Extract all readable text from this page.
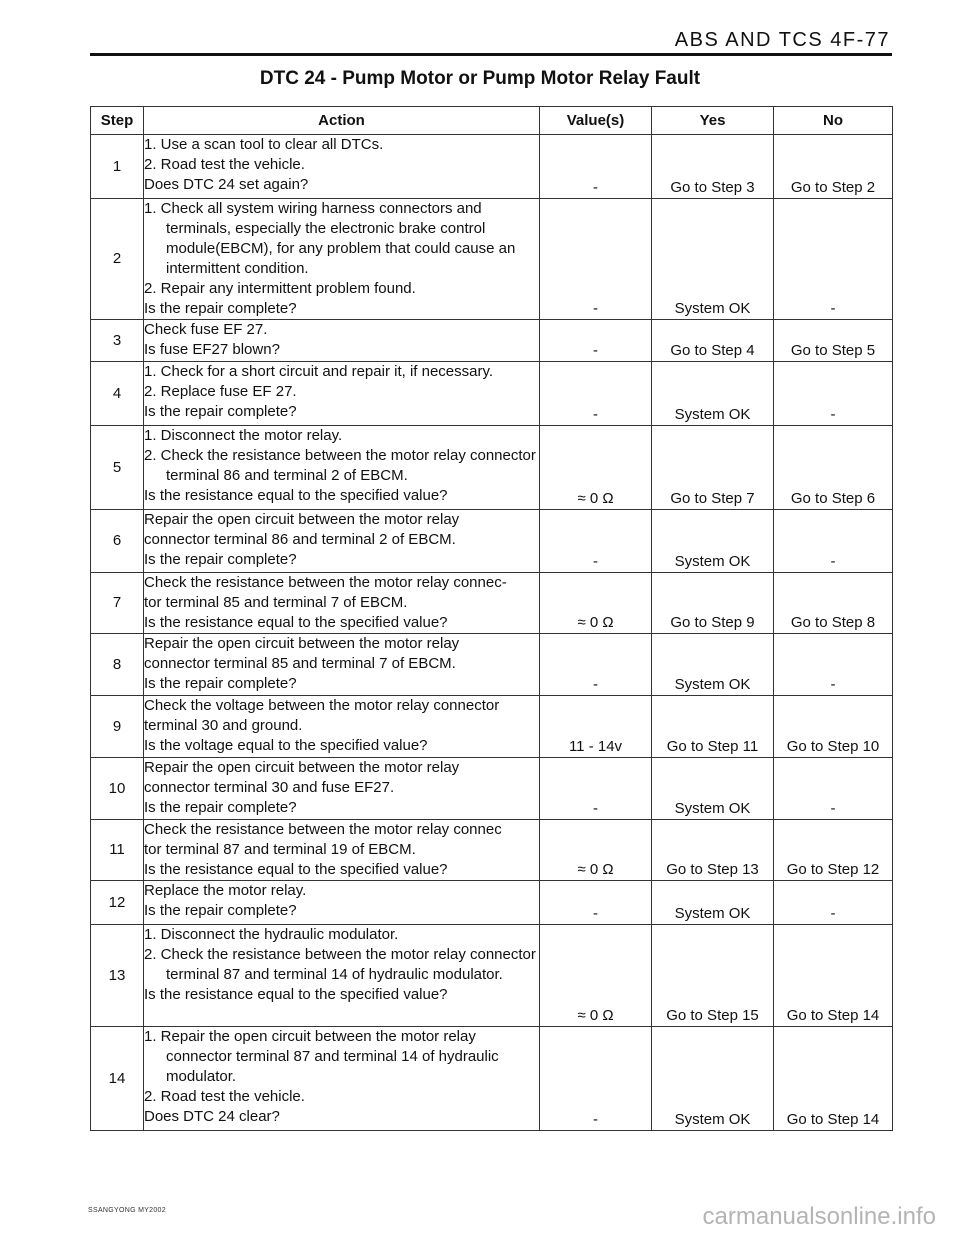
ABS AND TCS 4F-77
DTC 24 - Pump Motor or Pump Motor Relay Fault
Step	Action	Value(s)	Yes	No
1	1. Use a scan tool to clear all DTCs.
2. Road test the vehicle.
Does DTC 24 set again?	-	Go to Step 3	Go to Step 2
2	1. Check all system wiring harness connectors and terminals, especially the electronic brake control module(EBCM), for any problem that could cause an intermittent condition.
2. Repair any intermittent problem found.
Is the repair complete?	-	System OK	-
3	Check fuse EF 27.
Is fuse EF27 blown?	-	Go to Step 4	Go to Step 5
4	1. Check for a short circuit and repair it, if necessary.
2. Replace fuse EF 27.
Is the repair complete?	-	System OK	-
5	1. Disconnect the motor relay.
2. Check the resistance between the motor relay connector terminal 86 and terminal 2 of EBCM.
Is the resistance equal to the specified value?	≈ 0 Ω	Go to Step 7	Go to Step 6
6	Repair the open circuit between the motor relay
connector terminal 86 and terminal 2 of EBCM.
Is the repair complete?	-	System OK	-
7	Check the resistance between the motor relay connec-
tor terminal 85 and terminal 7 of EBCM.
Is the resistance equal to the specified value?	≈ 0 Ω	Go to Step 9	Go to Step 8
8	Repair the open circuit between the motor relay
connector terminal 85 and terminal 7 of EBCM.
Is the repair complete?	-	System OK	-
9	Check the voltage between the motor relay connector
terminal 30 and ground.
Is the voltage equal to the specified value?	11 - 14v	Go to Step 11	Go to Step 10
10	Repair the open circuit between the motor relay
connector terminal 30 and fuse EF27.
Is the repair complete?	-	System OK	-
11	Check the resistance between the motor relay connec
tor terminal 87 and terminal 19 of EBCM.
Is the resistance equal to the specified value?	≈ 0 Ω	Go to Step 13	Go to Step 12
12	Replace the motor relay.
Is the repair complete?	-	System OK	-
13	1. Disconnect the hydraulic modulator.
2. Check the resistance between the motor relay connector terminal 87 and terminal 14 of hydraulic modulator.
Is the resistance equal to the specified value?	≈ 0 Ω	Go to Step 15	Go to Step 14
14	1. Repair the open circuit between the motor relay connector terminal 87 and terminal 14 of hydraulic modulator.
2. Road test the vehicle.
Does DTC 24 clear?	-	System OK	Go to Step 14
SSANGYONG MY2002	carmanualsonline.info
